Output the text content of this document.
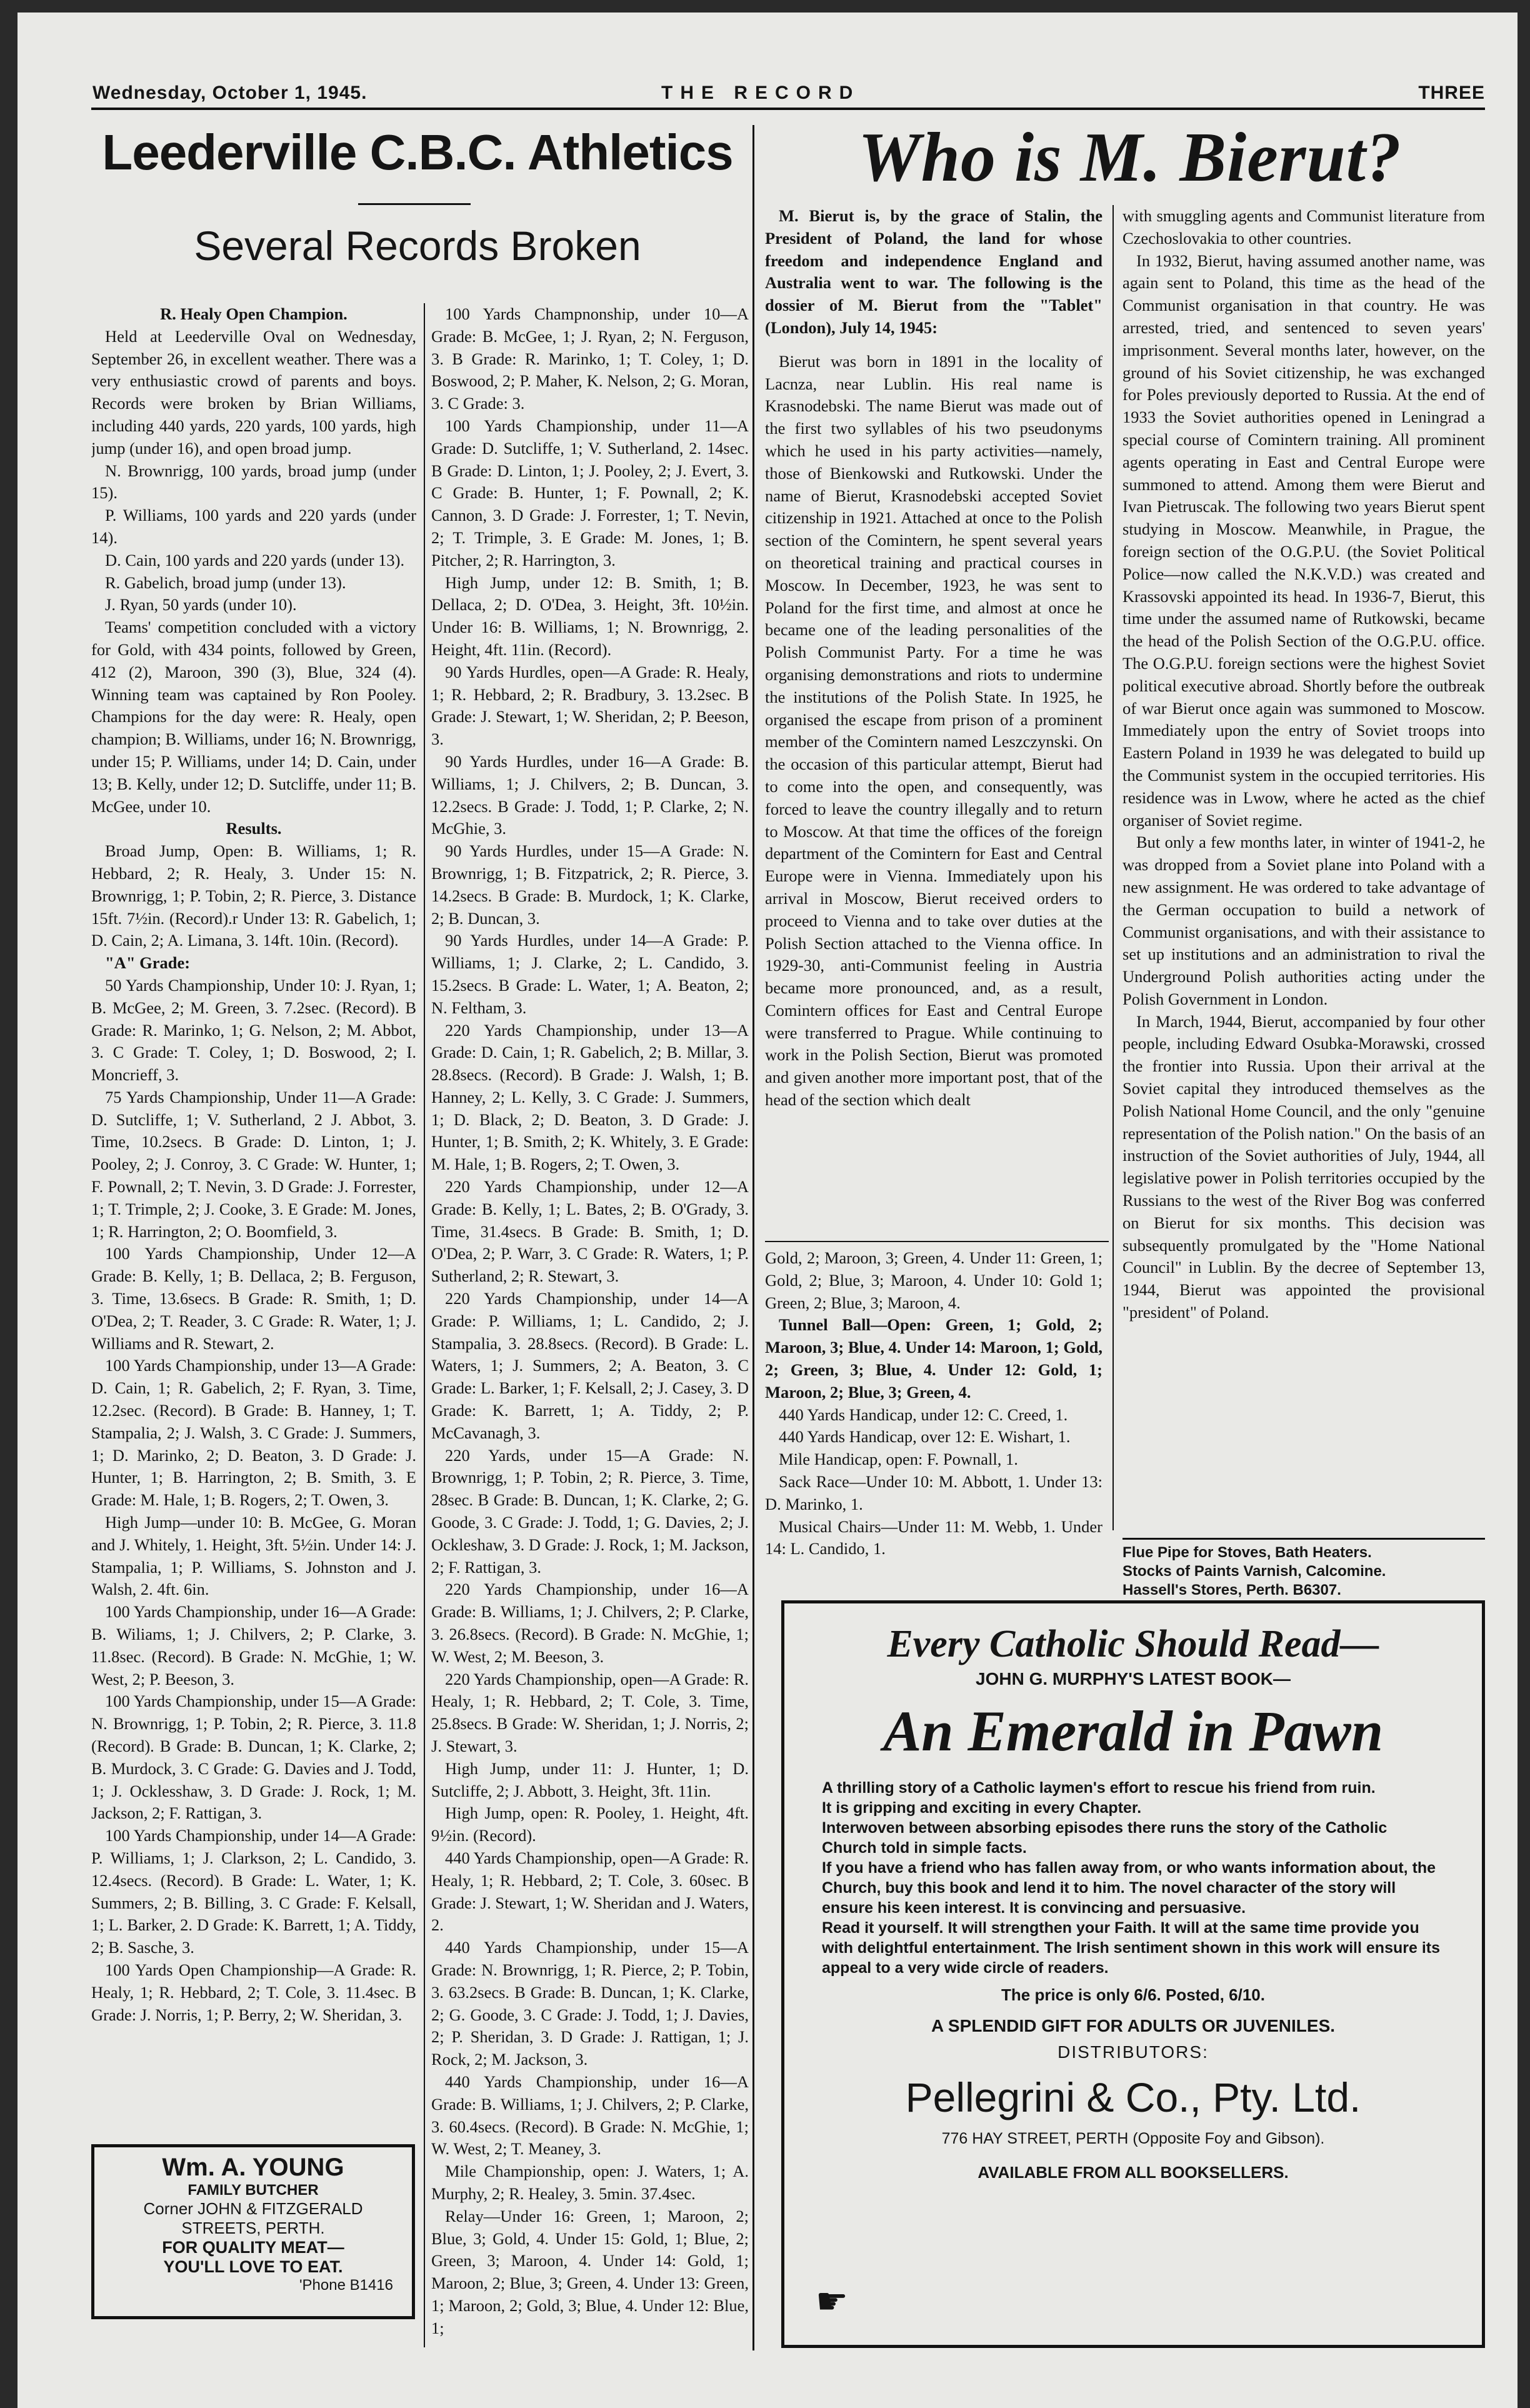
Wednesday, October 1, 1945.	THE RECORD	THREE
Leederville C.B.C. Athletics
Several Records Broken

R. Healy Open Champion.

Held at Leederville Oval on Wednesday, September 26, in excellent weather. There was a very enthusiastic crowd of parents and boys. Records were broken by Brian Williams, including 440 yards, 220 yards, 100 yards, high jump (under 16), and open broad jump.

N. Brownrigg, 100 yards, broad jump (under 15).

P. Williams, 100 yards and 220 yards (under 14).

D. Cain, 100 yards and 220 yards (under 13).

R. Gabelich, broad jump (under 13).

J. Ryan, 50 yards (under 10).

Teams' competition concluded with a victory for Gold, with 434 points, followed by Green, 412 (2), Maroon, 390 (3), Blue, 324 (4). Winning team was captained by Ron Pooley. Champions for the day were: R. Healy, open champion; B. Williams, under 16; N. Brownrigg, under 15; P. Williams, under 14; D. Cain, under 13; B. Kelly, under 12; D. Sutcliffe, under 11; B. McGee, under 10.

Results.

Broad Jump, Open: B. Williams, 1; R. Hebbard, 2; R. Healy, 3. Under 15: N. Brownrigg, 1; P. Tobin, 2; R. Pierce, 3. Distance 15ft. 7½in. (Record).r Under 13: R. Gabelich, 1; D. Cain, 2; A. Limana, 3. 14ft. 10in. (Record).

"A" Grade:

50 Yards Championship, Under 10: J. Ryan, 1; B. McGee, 2; M. Green, 3. 7.2sec. (Record). B Grade: R. Marinko, 1; G. Nelson, 2; M. Abbot, 3. C Grade: T. Coley, 1; D. Boswood, 2; I. Moncrieff, 3.

75 Yards Championship, Under 11—A Grade: D. Sutcliffe, 1; V. Sutherland, 2 J. Abbot, 3. Time, 10.2secs. B Grade: D. Linton, 1; J. Pooley, 2; J. Conroy, 3. C Grade: W. Hunter, 1; F. Pownall, 2; T. Nevin, 3. D Grade: J. Forrester, 1; T. Trimple, 2; J. Cooke, 3. E Grade: M. Jones, 1; R. Harrington, 2; O. Boomfield, 3.

100 Yards Championship, Under 12—A Grade: B. Kelly, 1; B. Dellaca, 2; B. Ferguson, 3. Time, 13.6secs. B Grade: R. Smith, 1; D. O'Dea, 2; T. Reader, 3. C Grade: R. Water, 1; J. Williams and R. Stewart, 2.

100 Yards Championship, under 13—A Grade: D. Cain, 1; R. Gabelich, 2; F. Ryan, 3. Time, 12.2sec. (Record). B Grade: B. Hanney, 1; T. Stampalia, 2; J. Walsh, 3. C Grade: J. Summers, 1; D. Marinko, 2; D. Beaton, 3. D Grade: J. Hunter, 1; B. Harrington, 2; B. Smith, 3. E Grade: M. Hale, 1; B. Rogers, 2; T. Owen, 3.

High Jump—under 10: B. McGee, G. Moran and J. Whitely, 1. Height, 3ft. 5½in. Under 14: J. Stampalia, 1; P. Williams, S. Johnston and J. Walsh, 2. 4ft. 6in.

100 Yards Championship, under 16—A Grade: B. Wiliams, 1; J. Chilvers, 2; P. Clarke, 3. 11.8sec. (Record). B Grade: N. McGhie, 1; W. West, 2; P. Beeson, 3.

100 Yards Championship, under 15—A Grade: N. Brownrigg, 1; P. Tobin, 2; R. Pierce, 3. 11.8 (Record). B Grade: B. Duncan, 1; K. Clarke, 2; B. Murdock, 3. C Grade: G. Davies and J. Todd, 1; J. Ocklesshaw, 3. D Grade: J. Rock, 1; M. Jackson, 2; F. Rattigan, 3.

100 Yards Championship, under 14—A Grade: P. Williams, 1; J. Clarkson, 2; L. Candido, 3. 12.4secs. (Record). B Grade: L. Water, 1; K. Summers, 2; B. Billing, 3. C Grade: F. Kelsall, 1; L. Barker, 2. D Grade: K. Barrett, 1; A. Tiddy, 2; B. Sasche, 3.

100 Yards Open Championship—A Grade: R. Healy, 1; R. Hebbard, 2; T. Cole, 3. 11.4sec. B Grade: J. Norris, 1; P. Berry, 2; W. Sheridan, 3.

Wm. A. YOUNG

FAMILY BUTCHER

Corner JOHN & FITZGERALD

STREETS, PERTH.

FOR QUALITY MEAT—

YOU'LL LOVE TO EAT.

'Phone B1416

100 Yards Champnonship, under 10—A Grade: B. McGee, 1; J. Ryan, 2; N. Ferguson, 3. B Grade: R. Marinko, 1; T. Coley, 1; D. Boswood, 2; P. Maher, K. Nelson, 2; G. Moran, 3. C Grade: 3.

100 Yards Championship, under 11—A Grade: D. Sutcliffe, 1; V. Sutherland, 2. 14sec. B Grade: D. Linton, 1; J. Pooley, 2; J. Evert, 3. C Grade: B. Hunter, 1; F. Pownall, 2; K. Cannon, 3. D Grade: J. Forrester, 1; T. Nevin, 2; T. Trimple, 3. E Grade: M. Jones, 1; B. Pitcher, 2; R. Harrington, 3.

High Jump, under 12: B. Smith, 1; B. Dellaca, 2; D. O'Dea, 3. Height, 3ft. 10½in. Under 16: B. Williams, 1; N. Brownrigg, 2. Height, 4ft. 11in. (Record).

90 Yards Hurdles, open—A Grade: R. Healy, 1; R. Hebbard, 2; R. Bradbury, 3. 13.2sec. B Grade: J. Stewart, 1; W. Sheridan, 2; P. Beeson, 3.

90 Yards Hurdles, under 16—A Grade: B. Williams, 1; J. Chilvers, 2; B. Duncan, 3. 12.2secs. B Grade: J. Todd, 1; P. Clarke, 2; N. McGhie, 3.

90 Yards Hurdles, under 15—A Grade: N. Brownrigg, 1; B. Fitzpatrick, 2; R. Pierce, 3. 14.2secs. B Grade: B. Murdock, 1; K. Clarke, 2; B. Duncan, 3.

90 Yards Hurdles, under 14—A Grade: P. Williams, 1; J. Clarke, 2; L. Candido, 3. 15.2secs. B Grade: L. Water, 1; A. Beaton, 2; N. Feltham, 3.

220 Yards Championship, under 13—A Grade: D. Cain, 1; R. Gabelich, 2; B. Millar, 3. 28.8secs. (Record). B Grade: J. Walsh, 1; B. Hanney, 2; L. Kelly, 3. C Grade: J. Summers, 1; D. Black, 2; D. Beaton, 3. D Grade: J. Hunter, 1; B. Smith, 2; K. Whitely, 3. E Grade: M. Hale, 1; B. Rogers, 2; T. Owen, 3.

220 Yards Championship, under 12—A Grade: B. Kelly, 1; L. Bates, 2; B. O'Grady, 3. Time, 31.4secs. B Grade: B. Smith, 1; D. O'Dea, 2; P. Warr, 3. C Grade: R. Waters, 1; P. Sutherland, 2; R. Stewart, 3.

220 Yards Championship, under 14—A Grade: P. Williams, 1; L. Candido, 2; J. Stampalia, 3. 28.8secs. (Record). B Grade: L. Waters, 1; J. Summers, 2; A. Beaton, 3. C Grade: L. Barker, 1; F. Kelsall, 2; J. Casey, 3. D Grade: K. Barrett, 1; A. Tiddy, 2; P. McCavanagh, 3.

220 Yards, under 15—A Grade: N. Brownrigg, 1; P. Tobin, 2; R. Pierce, 3. Time, 28sec. B Grade: B. Duncan, 1; K. Clarke, 2; G. Goode, 3. C Grade: J. Todd, 1; G. Davies, 2; J. Ockleshaw, 3. D Grade: J. Rock, 1; M. Jackson, 2; F. Rattigan, 3.

220 Yards Championship, under 16—A Grade: B. Williams, 1; J. Chilvers, 2; P. Clarke, 3. 26.8secs. (Record). B Grade: N. McGhie, 1; W. West, 2; M. Beeson, 3.

220 Yards Championship, open—A Grade: R. Healy, 1; R. Hebbard, 2; T. Cole, 3. Time, 25.8secs. B Grade: W. Sheridan, 1; J. Norris, 2; J. Stewart, 3.

High Jump, under 11: J. Hunter, 1; D. Sutcliffe, 2; J. Abbott, 3. Height, 3ft. 11in.

High Jump, open: R. Pooley, 1. Height, 4ft. 9½in. (Record).

440 Yards Championship, open—A Grade: R. Healy, 1; R. Hebbard, 2; T. Cole, 3. 60sec. B Grade: J. Stewart, 1; W. Sheridan and J. Waters, 2.

440 Yards Championship, under 15—A Grade: N. Brownrigg, 1; R. Pierce, 2; P. Tobin, 3. 63.2secs. B Grade: B. Duncan, 1; K. Clarke, 2; G. Goode, 3. C Grade: J. Todd, 1; J. Davies, 2; P. Sheridan, 3. D Grade: J. Rattigan, 1; J. Rock, 2; M. Jackson, 3.

440 Yards Championship, under 16—A Grade: B. Williams, 1; J. Chilvers, 2; P. Clarke, 3. 60.4secs. (Record). B Grade: N. McGhie, 1; W. West, 2; T. Meaney, 3.

Mile Championship, open: J. Waters, 1; A. Murphy, 2; R. Healey, 3. 5min. 37.4sec.

Relay—Under 16: Green, 1; Maroon, 2; Blue, 3; Gold, 4. Under 15: Gold, 1; Blue, 2; Green, 3; Maroon, 4. Under 14: Gold, 1; Maroon, 2; Blue, 3; Green, 4. Under 13: Green, 1; Maroon, 2; Gold, 3; Blue, 4. Under 12: Blue, 1;

Who is M. Bierut?

M. Bierut is, by the grace of Stalin, the President of Poland, the land for whose freedom and independence England and Australia went to war. The following is the dossier of M. Bierut from the "Tablet" (London), July 14, 1945:

Bierut was born in 1891 in the locality of Lacnza, near Lublin. His real name is Krasnodebski. The name Bierut was made out of the first two syllables of his two pseudonyms which he used in his party activities—namely, those of Bienkowski and Rutkowski. Under the name of Bierut, Krasnodebski accepted Soviet citizenship in 1921. Attached at once to the Polish section of the Comintern, he spent several years on theoretical training and practical courses in Moscow. In December, 1923, he was sent to Poland for the first time, and almost at once he became one of the leading personalities of the Polish Communist Party. For a time he was organising demonstrations and riots to undermine the institutions of the Polish State. In 1925, he organised the escape from prison of a prominent member of the Comintern named Leszczynski. On the occasion of this particular attempt, Bierut had to come into the open, and consequently, was forced to leave the country illegally and to return to Moscow. At that time the offices of the foreign department of the Comintern for East and Central Europe were in Vienna. Immediately upon his arrival in Moscow, Bierut received orders to proceed to Vienna and to take over duties at the Polish Section attached to the Vienna office. In 1929-30, anti-Communist feeling in Austria became more pronounced, and, as a result, Comintern offices for East and Central Europe were transferred to Prague. While continuing to work in the Polish Section, Bierut was promoted and given another more important post, that of the head of the section which dealt

with smuggling agents and Communist literature from Czechoslovakia to other countries.

In 1932, Bierut, having assumed another name, was again sent to Poland, this time as the head of the Communist organisation in that country. He was arrested, tried, and sentenced to seven years' imprisonment. Several months later, however, on the ground of his Soviet citizenship, he was exchanged for Poles previously deported to Russia. At the end of 1933 the Soviet authorities opened in Leningrad a special course of Comintern training. All prominent agents operating in East and Central Europe were summoned to attend. Among them were Bierut and Ivan Pietruscak. The following two years Bierut spent studying in Moscow. Meanwhile, in Prague, the foreign section of the O.G.P.U. (the Soviet Political Police—now called the N.K.V.D.) was created and Krassovski appointed its head. In 1936-7, Bierut, this time under the assumed name of Rutkowski, became the head of the Polish Section of the O.G.P.U. office. The O.G.P.U. foreign sections were the highest Soviet political executive abroad. Shortly before the outbreak of war Bierut once again was summoned to Moscow. Immediately upon the entry of Soviet troops into Eastern Poland in 1939 he was delegated to build up the Communist system in the occupied territories. His residence was in Lwow, where he acted as the chief organiser of Soviet regime.

But only a few months later, in winter of 1941-2, he was dropped from a Soviet plane into Poland with a new assignment. He was ordered to take advantage of the German occupation to build a network of Communist organisations, and with their assistance to set up institutions and an administration to rival the Underground Polish authorities acting under the Polish Government in London.

In March, 1944, Bierut, accompanied by four other people, including Edward Osubka-Morawski, crossed the frontier into Russia. Upon their arrival at the Soviet capital they introduced themselves as the Polish National Home Council, and the only "genuine representation of the Polish nation." On the basis of an instruction of the Soviet authorities of July, 1944, all legislative power in Polish territories occupied by the Russians to the west of the River Bog was conferred on Bierut for six months. This decision was subsequently promulgated by the "Home National Council" in Lublin. By the decree of September 13, 1944, Bierut was appointed the provisional "president" of Poland.

Gold, 2; Maroon, 3; Green, 4. Under 11: Green, 1; Gold, 2; Blue, 3; Maroon, 4. Under 10: Gold 1; Green, 2; Blue, 3; Maroon, 4.

Tunnel Ball—Open: Green, 1; Gold, 2; Maroon, 3; Blue, 4. Under 14: Maroon, 1; Gold, 2; Green, 3; Blue, 4. Under 12: Gold, 1; Maroon, 2; Blue, 3; Green, 4.

440 Yards Handicap, under 12: C. Creed, 1.

440 Yards Handicap, over 12: E. Wishart, 1.

Mile Handicap, open: F. Pownall, 1.

Sack Race—Under 10: M. Abbott, 1. Under 13: D. Marinko, 1.

Musical Chairs—Under 11: M. Webb, 1. Under 14: L. Candido, 1.	Flue Pipe for Stoves, Bath Heaters.

Stocks of Paints Varnish, Calcomine.

Hassell's Stores, Perth. B6307.

Every Catholic Should Read—

JOHN G. MURPHY'S LATEST BOOK—

An Emerald in Pawn

A thrilling story of a Catholic laymen's effort to rescue his friend from ruin.

It is gripping and exciting in every Chapter.

Interwoven between absorbing episodes there runs the story of the Catholic Church told in simple facts.

If you have a friend who has fallen away from, or who wants information about, the Church, buy this book and lend it to him. The novel character of the story will ensure his keen interest. It is convincing and persuasive.

Read it yourself. It will strengthen your Faith. It will at the same time provide you with delightful entertainment. The Irish sentiment shown in this work will ensure its appeal to a very wide circle of readers.

The price is only 6/6. Posted, 6/10.

A SPLENDID GIFT FOR ADULTS OR JUVENILES.

DISTRIBUTORS:

Pellegrini & Co., Pty. Ltd.

776 HAY STREET, PERTH (Opposite Foy and Gibson).

☛

AVAILABLE FROM ALL BOOKSELLERS.
